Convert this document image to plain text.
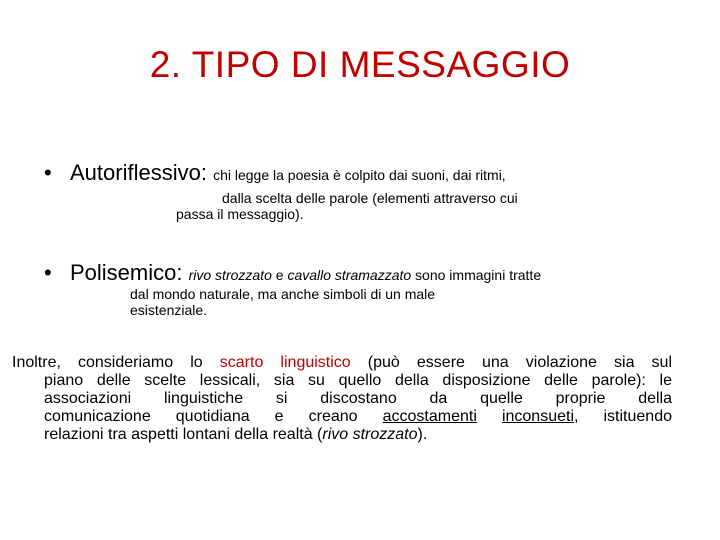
2. TIPO DI MESSAGGIO
• Autoriflessivo: chi legge la poesia è colpito dai suoni, dai ritmi,
dalla scelta delle parole (elementi attraverso cui
passa il messaggio).
• Polisemico: rivo strozzato e cavallo stramazzato sono immagini tratte
dal mondo naturale, ma anche simboli di un male
esistenziale.
Inoltre, consideriamo lo scarto linguistico (può essere una violazione sia sul
piano delle scelte lessicali, sia su quello della disposizione delle parole): le
associazioni linguistiche si discostano da quelle proprie della
comunicazione quotidiana e creano accostamenti inconsueti, istituendo
relazioni tra aspetti lontani della realtà (rivo strozzato).
